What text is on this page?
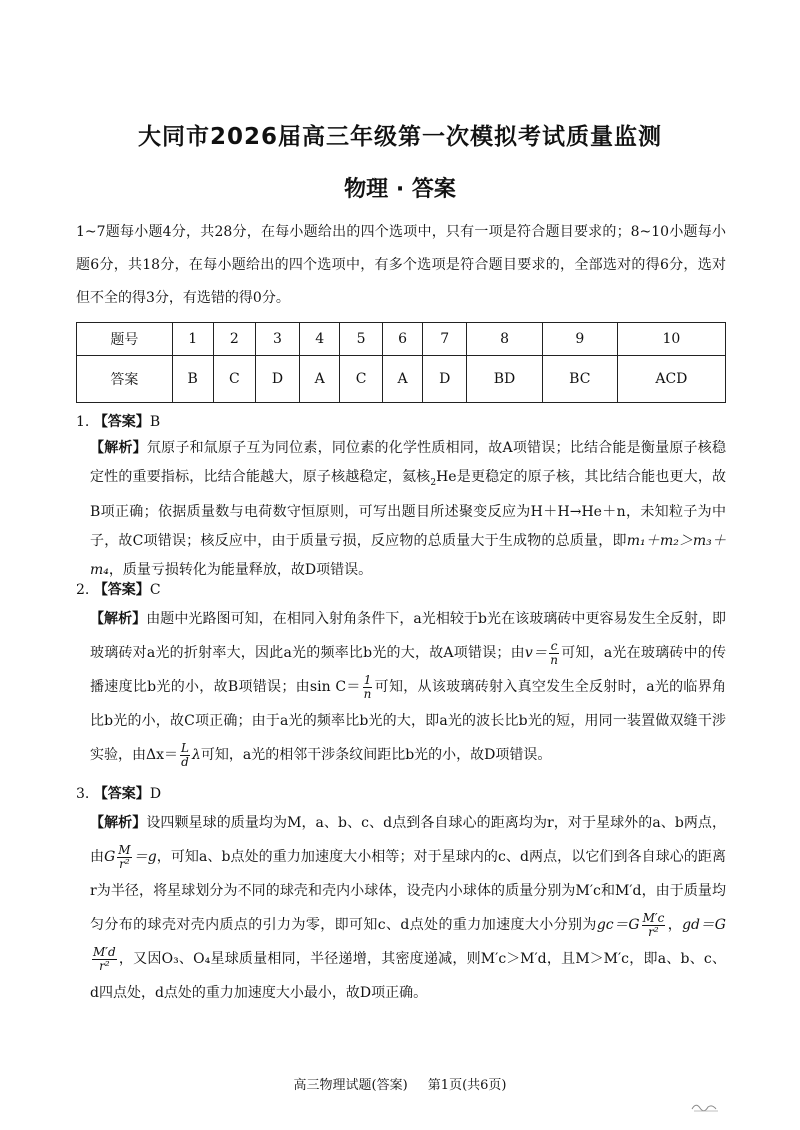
大同市2026届高三年级第一次模拟考试质量监测
物理 · 答案
1~7题每小题4分，共28分，在每小题给出的四个选项中，只有一项是符合题目要求的；8~10小题每小题6分，共18分，在每小题给出的四个选项中，有多个选项是符合题目要求的，全部选对的得6分，选对但不全的得3分，有选错的得0分。
题号	1	2	3	4	5	6	7	8	9	10
答案	B	C	D	A	C	A	D	BD	BC	ACD
1. 【答案】B
【解析】氘原子和氚原子互为同位素，同位素的化学性质相同，故A项错误；比结合能是衡量原子核稳定性的重要指标，比结合能越大，原子核越稳定，氦核$_2$He是更稳定的原子核，其比结合能也更大，故B项正确；依据质量数与电荷数守恒原则，可写出题目所述聚变反应为H＋H→He＋n，未知粒子为中子，故C项错误；核反应中，由于质量亏损，反应物的总质量大于生成物的总质量，即m₁＋m₂＞m₃＋m₄，质量亏损转化为能量释放，故D项错误。
2. 【答案】C
【解析】由题中光路图可知，在相同入射角条件下，a光相较于b光在该玻璃砖中更容易发生全反射，即玻璃砖对a光的折射率大，因此a光的频率比b光的大，故A项错误；由$v= \frac{c}{n}$ 可知，a光在玻璃砖中的传播速度比b光的小，故B项错误；由$\sin C= \frac{1}{n}$ 可知，从该玻璃砖射入真空发生全反射时，a光的临界角比b光的小，故C项正确；由于a光的频率比b光的大，即a光的波长比b光的短，用同一装置做双缝干涉实验，由$\Delta x= \frac{L}{d}$ λ可知，a光的相邻干涉条纹间距比b光的小，故D项错误。
3. 【答案】D
【解析】设四颗星球的质量均为M，a、b、c、d点到各自球心的距离均为r，对于星球外的a、b两点，由G $\frac{M}{\text{r²}} =g$，可知a、b点处的重力加速度大小相等；对于星球内的c、d两点，以它们到各自球心的距离r为半径，将星球划分为不同的球壳和壳内小球体，设壳内小球体的质量分别为M′c和M′d，由于质量均匀分布的球壳对壳内质点的引力为零，即可知c、d点处的重力加速度大小分别为$gc=G \frac{M'c}{\text{r²}}$ ，gd＝G
$\frac{M'd}{\text{r²}}$ ，又因O₃、O₄星球质量相同，半径递增，其密度递减，则M′c＞M′d，且M＞M′c，即a、b、c、d四点处，d点处的重力加速度大小最小，故D项正确。
高三物理试题(答案) 第1页(共6页)
